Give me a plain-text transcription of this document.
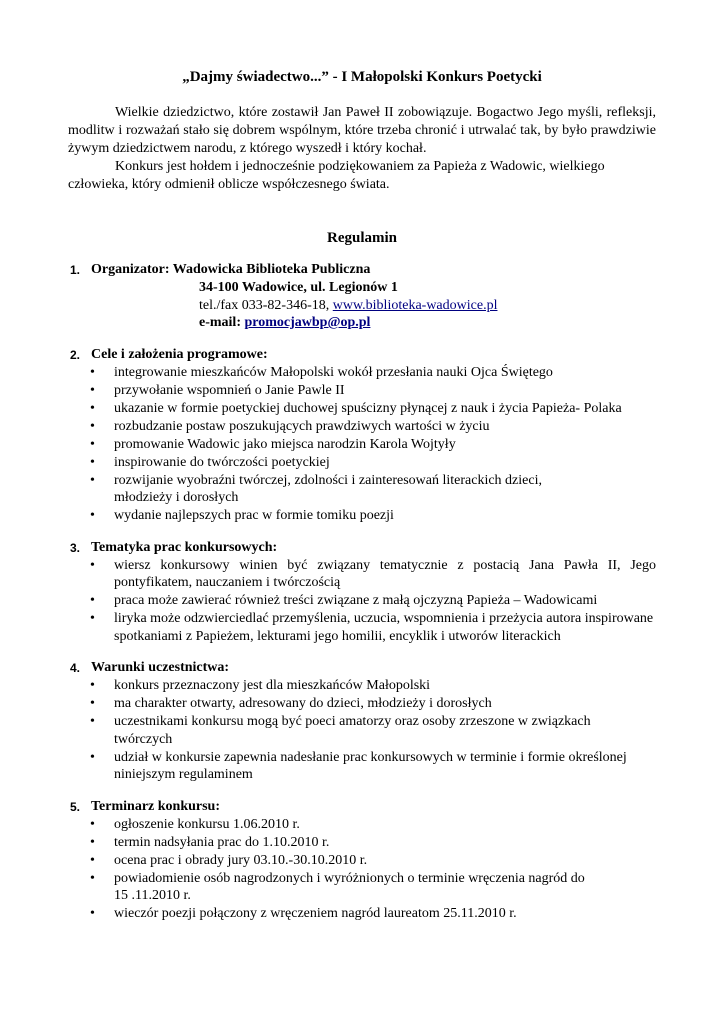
„Dajmy świadectwo...” - I Małopolski Konkurs Poetycki

Wielkie dziedzictwo, które zostawił Jan Paweł II zobowiązuje. Bogactwo Jego myśli, refleksji, modlitw i rozważań stało się dobrem wspólnym, które trzeba chronić i utrwalać tak, by było prawdziwie żywym dziedzictwem narodu, z którego wyszedł i który kochał.

Konkurs jest hołdem i jednocześnie podziękowaniem za Papieża z Wadowic, wielkiego człowieka, który odmienił oblicze współczesnego świata.

Regulamin
1. Organizator: Wadowicka Biblioteka Publiczna
34-100 Wadowice, ul. Legionów 1
tel./fax 033-82-346-18, www.biblioteka-wadowice.pl
e-mail: promocjawbp@op.pl
2. Cele i założenia programowe:
• integrowanie mieszkańców Małopolski wokół przesłania nauki Ojca Świętego
• przywołanie wspomnień o Janie Pawle II
• ukazanie w formie poetyckiej duchowej spuścizny płynącej z nauk i życia Papieża- Polaka
• rozbudzanie postaw poszukujących prawdziwych wartości w życiu
• promowanie Wadowic jako miejsca narodzin Karola Wojtyły
• inspirowanie do twórczości poetyckiej
• rozwijanie wyobraźni twórczej, zdolności i zainteresowań literackich dzieci, młodzieży i dorosłych
• wydanie najlepszych prac w formie tomiku poezji
3. Tematyka prac konkursowych:
• wiersz konkursowy winien być związany tematycznie z postacią Jana Pawła II, Jego pontyfikatem, nauczaniem i twórczością
• praca może zawierać również treści związane z małą ojczyzną Papieża – Wadowicami
• liryka może odzwierciedlać przemyślenia, uczucia, wspomnienia i przeżycia autora inspirowane spotkaniami z Papieżem, lekturami jego homilii, encyklik i utworów literackich
4. Warunki uczestnictwa:
• konkurs przeznaczony jest dla mieszkańców Małopolski
• ma charakter otwarty, adresowany do dzieci, młodzieży i dorosłych
• uczestnikami konkursu mogą być poeci amatorzy oraz osoby zrzeszone w związkach twórczych
• udział w konkursie zapewnia nadesłanie prac konkursowych w terminie i formie określonej niniejszym regulaminem
5. Terminarz konkursu:
• ogłoszenie konkursu 1.06.2010 r.
• termin nadsyłania prac do 1.10.2010 r.
• ocena prac i obrady jury 03.10.-30.10.2010 r.
• powiadomienie osób nagrodzonych i wyróżnionych o terminie wręczenia nagród do 15 .11.2010 r.
• wieczór poezji połączony z wręczeniem nagród laureatom 25.11.2010 r.
